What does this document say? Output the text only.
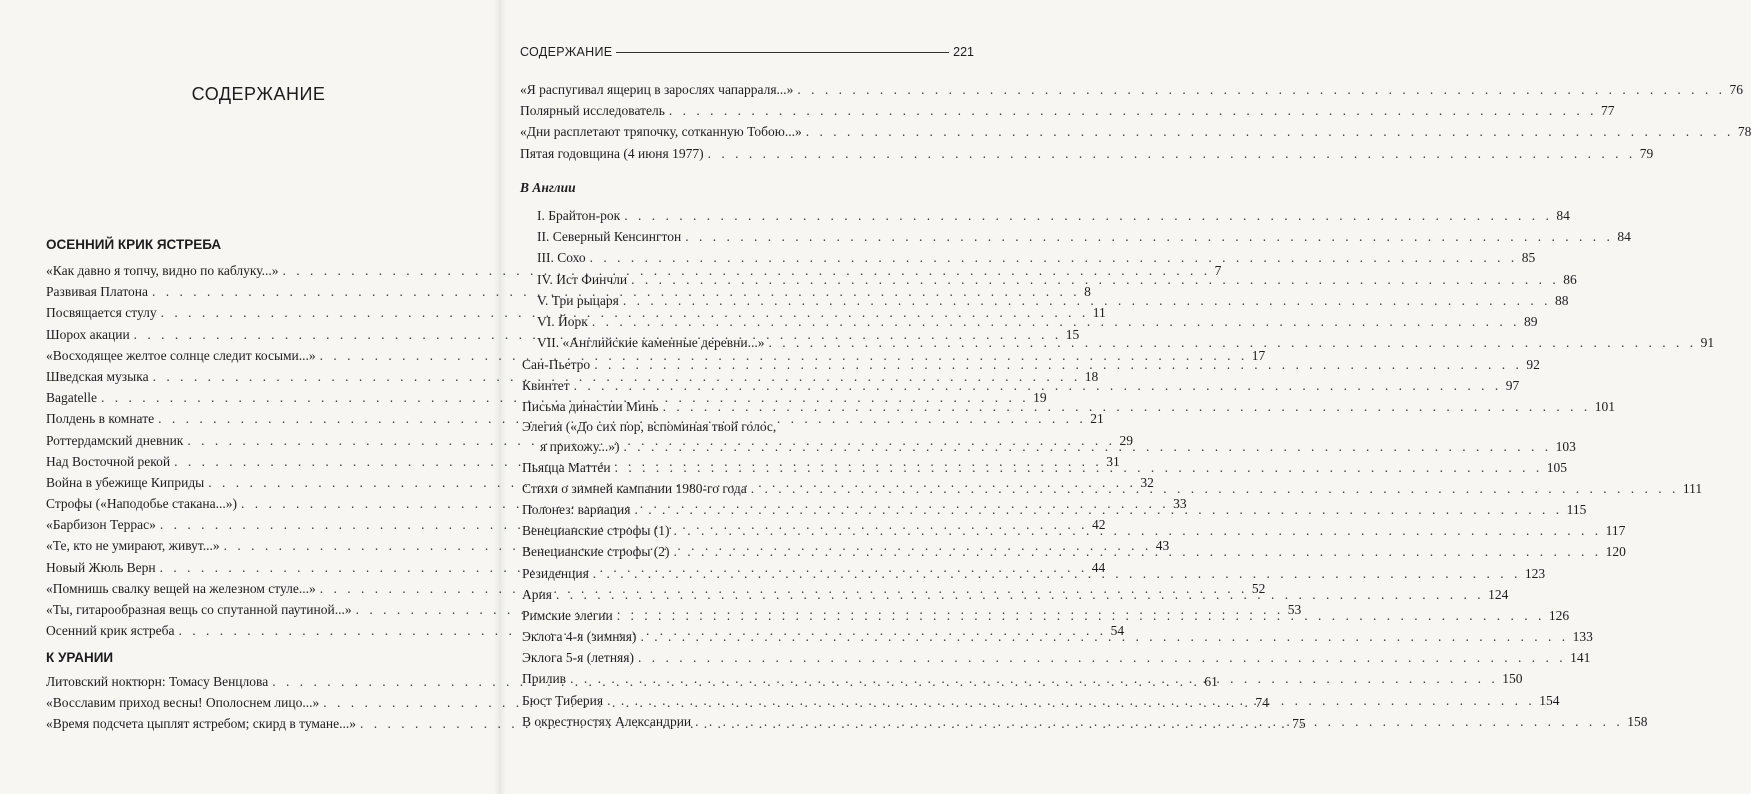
СОДЕРЖАНИЕ
ОСЕННИЙ КРИК ЯСТРЕБА
«Как давно я топчу, видно по каблуку...» . . .	7
Развивая Платона . . .	8
Посвящается стулу . . .	11
Шорох акации . . .	15
«Восходящее желтое солнце следит косыми...» . . .	17
Шведская музыка . . .	18
Bagatelle . . .	19
Полдень в комнате . . .	21
Роттердамский дневник . . .	29
Над Восточной рекой . . .	31
Война в убежище Киприды . . .	32
Строфы («Наподобье стакана...») . . .	33
«Барбизон Террас» . . .	42
«Те, кто не умирают, живут...» . . .	43
Новый Жюль Верн . . .	44
«Помнишь свалку вещей на железном стуле...» . . .	52
«Ты, гитарообразная вещь со спутанной паутиной...» . . .	53
Осенний крик ястреба . . .	54
К УРАНИИ
Литовский ноктюрн: Томасу Венцлова . . .	61
«Восславим приход весны! Ополоснем лицо...» . . .	74
«Время подсчета цыплят ястребом; скирд в тумане...» . . .	75
СОДЕРЖАНИЕ	221
«Я распугивал ящериц в зарослях чапарраля...» . . .	76
Полярный исследователь . . .	77
«Дни расплетают тряпочку, сотканную Тобою...» . . .	78
Пятая годовщина (4 июня 1977) . . .	79
В Англии
I. Брайтон-рок . . .	84
II. Северный Кенсингтон . . .	84
III. Сохо . . .	85
IV. Ист Финчли . . .	86
V. Три рыцаря . . .	88
VI. Йорк . . .	89
VII. «Английские каменные деревни...» . . .	91
Сан-Пьетро . . .	92
Квинтет . . .	97
Письма династии Минь . . .	101
Элегия («До сих пор, вспоминая твой голос,
я прихожу...») . . .	103
Пьяцца Маттéи . . .	105
Стихи о зимней кампании 1980-го года . . .	111
Полонез: вариация . . .	115
Венецианские строфы (1) . . .	117
Венецианские строфы (2) . . .	120
Резиденция . . .	123
Ария . . .	124
Римские элегии . . .	126
Эклога 4-я (зимняя) . . .	133
Эклога 5-я (летняя) . . .	141
Прилив . . .	150
Бюст Тиберия . . .	154
В окрестностях Александрии . . .	158
